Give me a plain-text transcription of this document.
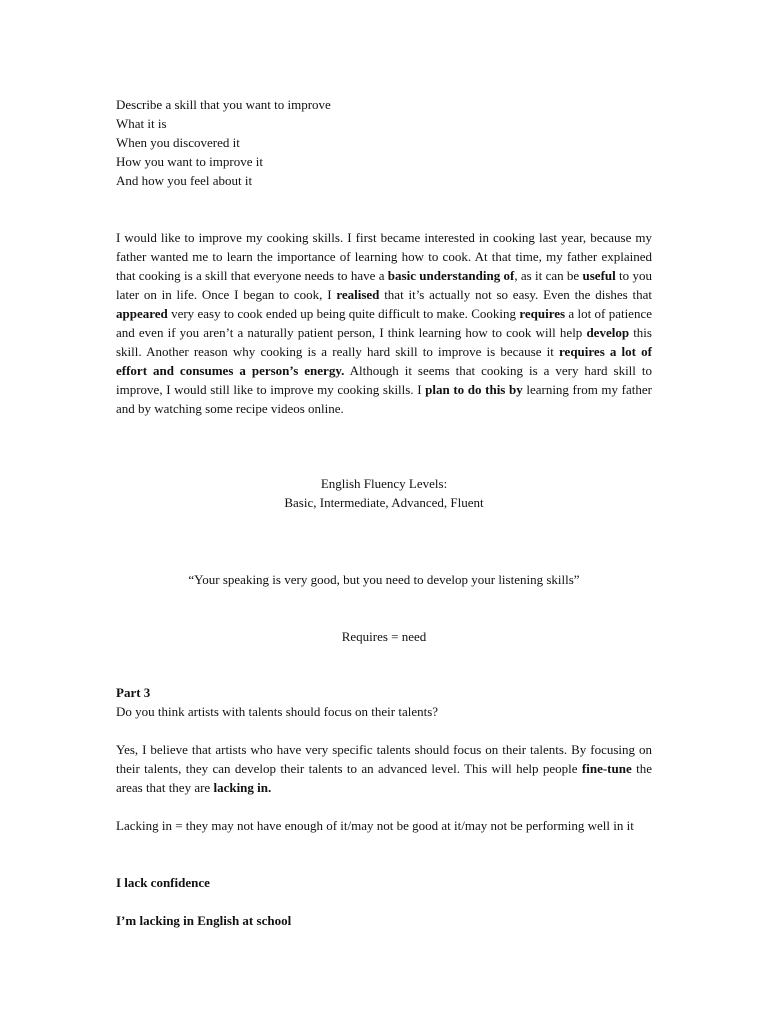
Describe a skill that you want to improve
What it is
When you discovered it
How you want to improve it
And how you feel about it

I would like to improve my cooking skills. I first became interested in cooking last year, because my father wanted me to learn the importance of learning how to cook. At that time, my father explained that cooking is a skill that everyone needs to have a basic understanding of, as it can be useful to you later on in life. Once I began to cook, I realised that it’s actually not so easy. Even the dishes that appeared very easy to cook ended up being quite difficult to make. Cooking requires a lot of patience and even if you aren’t a naturally patient person, I think learning how to cook will help develop this skill. Another reason why cooking is a really hard skill to improve is because it requires a lot of effort and consumes a person’s energy. Although it seems that cooking is a very hard skill to improve, I would still like to improve my cooking skills. I plan to do this by learning from my father and by watching some recipe videos online.

English Fluency Levels:
Basic, Intermediate, Advanced, Fluent
“Your speaking is very good, but you need to develop your listening skills”
Requires = need
Part 3
Do you think artists with talents should focus on their talents?

Yes, I believe that artists who have very specific talents should focus on their talents. By focusing on their talents, they can develop their talents to an advanced level. This will help people fine-tune the areas that they are lacking in.

Lacking in = they may not have enough of it/may not be good at it/may not be performing well in it

I lack confidence
I’m lacking in English at school
